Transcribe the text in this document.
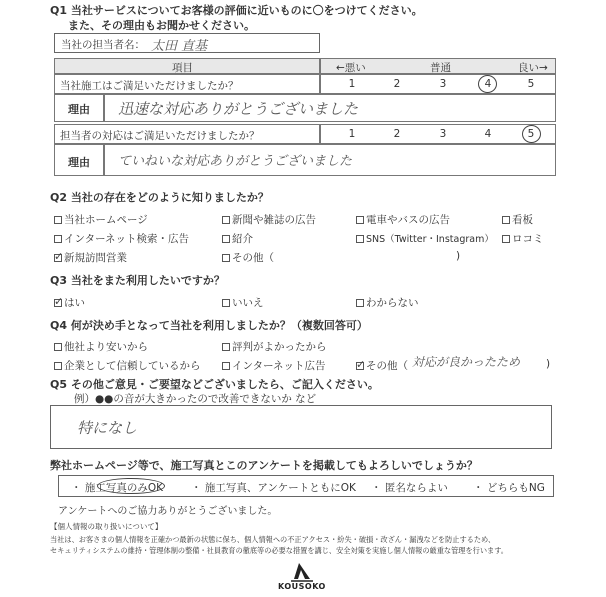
Q1 当社サービスについてお客様の評価に近いものに〇をつけてください。
また、その理由もお聞かせください。
当社の担当者名： 太田 直基
項目	←悪い	普通	良い→
当社施工はご満足いただけましたか？	1	2	3	4	5
理由 迅速な対応ありがとうございました
担当者の対応はご満足いただけましたか？	1	2	3	4	5
理由 ていねいな対応ありがとうございました
Q2 当社の存在をどのように知りましたか？
当社ホームページ	新聞や雑誌の広告	電車やバスの広告	看板
インターネット検索・広告	紹介	SNS（Twitter・Instagram）	ロコミ
✓ 新規訪問営業	その他（	)
Q3 当社をまた利用したいですか？
✓ はい	いいえ	わからない
Q4 何が決め手となって当社を利用しましたか？（複数回答可）
他社より安いから	評判がよかったから
企業として信頼しているから	インターネット広告	✓ その他（ 対応が良かったため )
Q5 その他ご意見・ご要望などございましたら、ご記入ください。
例）●●の音が大きかったので改善できないか など
特になし
弊社ホームページ等で、施工写真とこのアンケートを掲載してもよろしいでしょうか？
・ 施工写真のみOK	・ 施工写真、アンケートともにOK ・ 匿名ならよい ・ どちらもNG
アンケートへのご協力ありがとうございました。
【個人情報の取り扱いについて】
当社は、お客さまの個人情報を正確かつ最新の状態に保ち、個人情報への不正アクセス・紛失・破損・改ざん・漏洩などを防止するため、
セキュリティシステムの維持・管理体制の整備・社員教育の徹底等の必要な措置を講じ、安全対策を実施し個人情報の厳重な管理を行います。
KOUSOKO
